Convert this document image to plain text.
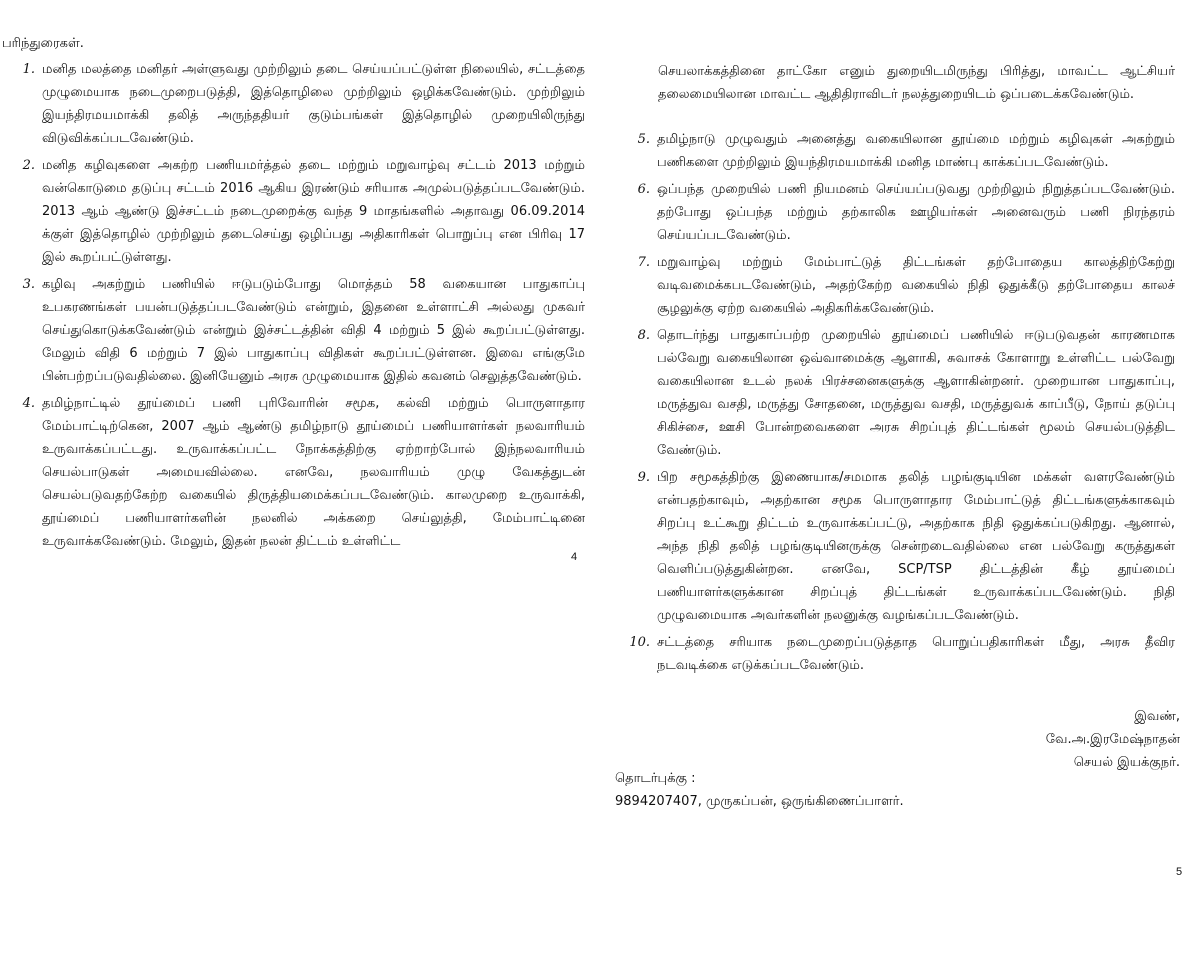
பரிந்துரைகள்.
1. மனித மலத்தை மனிதர் அள்ளுவது முற்றிலும் தடை செய்யப்பட்டுள்ள நிலையில், சட்டத்தை முழுமையாக நடைமுறைபடுத்தி, இத்தொழிலை முற்றிலும் ஒழிக்கவேண்டும். முற்றிலும் இயந்திரமயமாக்கி தலித் அருந்ததியர் குடும்பங்கள் இத்தொழில் முறையிலிருந்து விடுவிக்கப்படவேண்டும்.
2. மனித கழிவுகளை அகற்ற பணியமர்த்தல் தடை மற்றும் மறுவாழ்வு சட்டம் 2013 மற்றும் வன்கொடுமை தடுப்பு சட்டம் 2016 ஆகிய இரண்டும் சரியாக அமுல்படுத்தப்படவேண்டும். 2013 ஆம் ஆண்டு இச்சட்டம் நடைமுறைக்கு வந்த 9 மாதங்களில் அதாவது 06.09.2014 க்குள் இத்தொழில் முற்றிலும் தடைசெய்து ஒழிப்பது அதிகாரிகள் பொறுப்பு என பிரிவு 17 இல் கூறப்பட்டுள்ளது.
3. கழிவு அகற்றும் பணியில் ஈடுபடும்போது மொத்தம் 58 வகையான பாதுகாப்பு உபகரணங்கள் பயன்படுத்தப்படவேண்டும் என்றும், இதனை உள்ளாட்சி அல்லது முகவர் செய்துகொடுக்கவேண்டும் என்றும் இச்சட்டத்தின் விதி 4 மற்றும் 5 இல் கூறப்பட்டுள்ளது. மேலும் விதி 6 மற்றும் 7 இல் பாதுகாப்பு விதிகள் கூறப்பட்டுள்ளன. இவை எங்குமே பின்பற்றப்படுவதில்லை. இனியேனும் அரசு முழுமையாக இதில் கவனம் செலுத்தவேண்டும்.
4. தமிழ்நாட்டில் தூய்மைப் பணி புரிவோரின் சமூக, கல்வி மற்றும் பொருளாதார மேம்பாட்டிற்கென, 2007 ஆம் ஆண்டு தமிழ்நாடு தூய்மைப் பணியாளர்கள் நலவாரியம் உருவாக்கப்பட்டது. உருவாக்கப்பட்ட நோக்கத்திற்கு ஏற்றாற்போல் இந்நலவாரியம் செயல்பாடுகள் அமையவில்லை. எனவே, நலவாரியம் முழு வேகத்துடன் செயல்படுவதற்கேற்ற வகையில் திருத்தியமைக்கப்படவேண்டும். காலமுறை உருவாக்கி, தூய்மைப் பணியாளர்களின் நலனில் அக்கறை செய்லுத்தி, மேம்பாட்டினை உருவாக்கவேண்டும். மேலும், இதன் நலன் திட்டம் உள்ளிட்ட
4
செயலாக்கத்தினை தாட்கோ எனும் துறையிடமிருந்து பிரித்து, மாவட்ட ஆட்சியர் தலைமையிலான மாவட்ட ஆதிதிராவிடர் நலத்துறையிடம் ஒப்படைக்கவேண்டும்.
5. தமிழ்நாடு முழுவதும் அனைத்து வகையிலான தூய்மை மற்றும் கழிவுகள் அகற்றும் பணிகளை முற்றிலும் இயந்திரமயமாக்கி மனித மாண்பு காக்கப்படவேண்டும்.
6. ஒப்பந்த முறையில் பணி நியமனம் செய்யப்படுவது முற்றிலும் நிறுத்தப்படவேண்டும். தற்போது ஒப்பந்த மற்றும் தற்காலிக ஊழியர்கள் அனைவரும் பணி நிரந்தரம் செய்யப்படவேண்டும்.
7. மறுவாழ்வு மற்றும் மேம்பாட்டுத் திட்டங்கள் தற்போதைய காலத்திற்கேற்று வடிவமைக்கபடவேண்டும், அதற்கேற்ற வகையில் நிதி ஒதுக்கீடு தற்போதைய காலச் சூழலுக்கு ஏற்ற வகையில் அதிகரிக்கவேண்டும்.
8. தொடர்ந்து பாதுகாப்பற்ற முறையில் தூய்மைப் பணியில் ஈடுபடுவதன் காரணமாக பல்வேறு வகையிலான ஒவ்வாமைக்கு ஆளாகி, சுவாசக் கோளாறு உள்ளிட்ட பல்வேறு வகையிலான உடல் நலக் பிரச்சனைகளுக்கு ஆளாகின்றனர். முறையான பாதுகாப்பு, மருத்துவ வசதி, மருத்து சோதனை, மருத்துவ வசதி, மருத்துவக் காப்பீடு, நோய் தடுப்பு சிகிச்சை, ஊசி போன்றவைகளை அரசு சிறப்புத் திட்டங்கள் மூலம் செயல்படுத்திட வேண்டும்.
9. பிற சமூகத்திற்கு இணையாக/சமமாக தலித் பழங்குடியின மக்கள் வளரவேண்டும் என்பதற்காவும், அதற்கான சமூக பொருளாதார மேம்பாட்டுத் திட்டங்களுக்காகவும் சிறப்பு உட்கூறு திட்டம் உருவாக்கப்பட்டு, அதற்காக நிதி ஒதுக்கப்படுகிறது. ஆனால், அந்த நிதி தலித் பழங்குடியினருக்கு சென்றடைவதில்லை என பல்வேறு கருத்துகள் வெளிப்படுத்துகின்றன. எனவே, SCP/TSP திட்டத்தின் கீழ் தூய்மைப் பணியாளர்களுக்கான சிறப்புத் திட்டங்கள் உருவாக்கப்படவேண்டும். நிதி முழுவமையாக அவர்களின் நலனுக்கு வழங்கப்படவேண்டும்.
10. சட்டத்தை சரியாக நடைமுறைப்படுத்தாத பொறுப்பதிகாரிகள் மீது, அரசு தீவிர நடவடிக்கை எடுக்கப்படவேண்டும்.
இவண்,
வே.அ.இரமேஷ்நாதன்
செயல் இயக்குநர்.
தொடர்புக்கு :
9894207407, முருகப்பன், ஒருங்கிணைப்பாளர்.
5
